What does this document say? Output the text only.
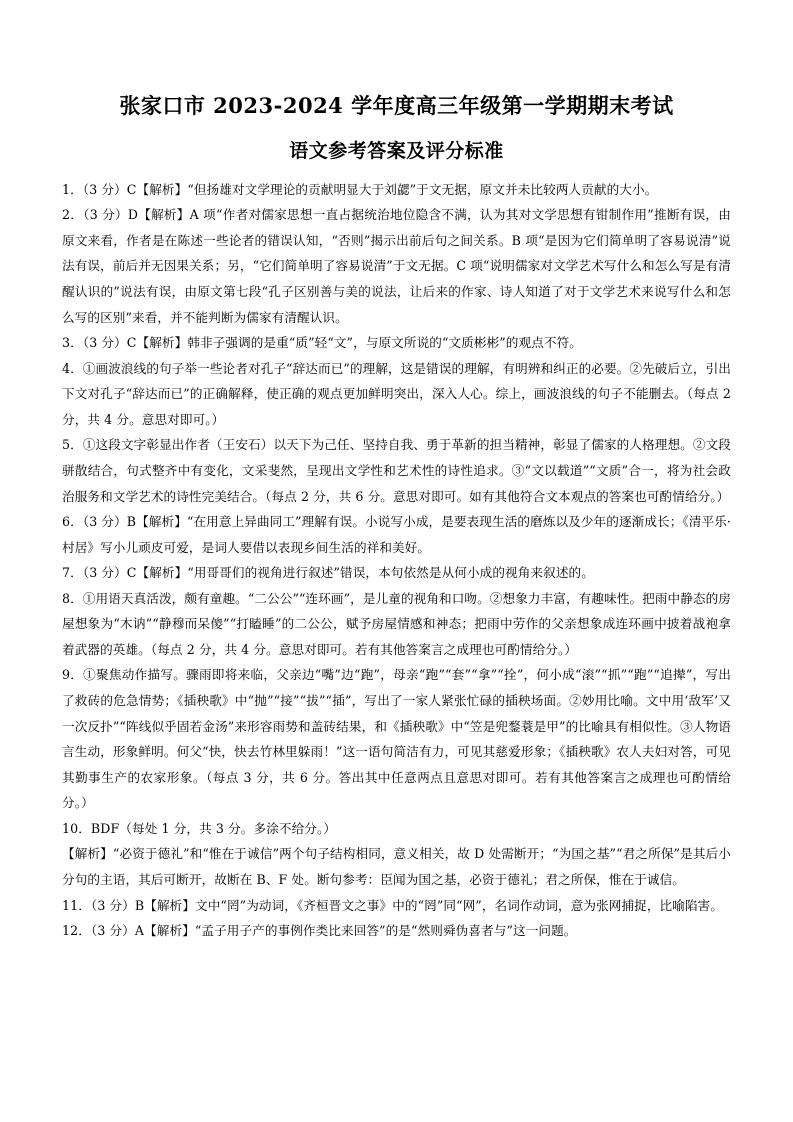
张家口市 2023-2024 学年度高三年级第一学期期末考试
语文参考答案及评分标准

1．（3 分）C【解析】“但扬雄对文学理论的贡献明显大于刘勰”于文无据，原文并未比较两人贡献的大小。

2．（3 分）D【解析】A 项“作者对儒家思想一直占据统治地位隐含不满，认为其对文学思想有钳制作用”推断有误，由原文来看，作者是在陈述一些论者的错误认知，“否则”揭示出前后句之间关系。B 项“是因为它们简单明了容易说清”说法有误，前后并无因果关系；另，“它们简单明了容易说清”于文无据。C 项“说明儒家对文学艺术写什么和怎么写是有清醒认识的”说法有误，由原文第七段“孔子区别善与美的说法，让后来的作家、诗人知道了对于文学艺术来说写什么和怎么写的区别”来看，并不能判断为儒家有清醒认识。

3．（3 分）C【解析】韩非子强调的是重“质”轻“文”，与原文所说的“文质彬彬”的观点不符。

4．①画波浪线的句子举一些论者对孔子“辞达而已”的理解，这是错误的理解，有明辨和纠正的必要。②先破后立，引出下文对孔子“辞达而已”的正确解释，使正确的观点更加鲜明突出，深入人心。综上，画波浪线的句子不能删去。（每点 2 分，共 4 分。意思对即可。）

5．①这段文字彰显出作者（王安石）以天下为己任、坚持自我、勇于革新的担当精神，彰显了儒家的人格理想。②文段骈散结合，句式整齐中有变化，文采斐然，呈现出文学性和艺术性的诗性追求。③“文以载道”“文质”合一，将为社会政治服务和文学艺术的诗性完美结合。（每点 2 分，共 6 分。意思对即可。如有其他符合文本观点的答案也可酌情给分。）

6．（3 分）B【解析】“在用意上异曲同工”理解有误。小说写小成，是要表现生活的磨炼以及少年的逐渐成长；《清平乐·村居》写小儿顽皮可爱，是词人要借以表现乡间生活的祥和美好。

7．（3 分）C【解析】“用哥哥们的视角进行叙述”错误，本句依然是从何小成的视角来叙述的。

8．①用语天真活泼，颇有童趣。“二公公”“连环画”，是儿童的视角和口吻。②想象力丰富，有趣味性。把雨中静态的房屋想象为“木讷”“静穆而呆傻”“打瞌睡”的二公公，赋予房屋情感和神态；把雨中劳作的父亲想象成连环画中披着战袍拿着武器的英雄。（每点 2 分，共 4 分。意思对即可。若有其他答案言之成理也可酌情给分。）

9．①聚焦动作描写。骤雨即将来临，父亲边“嘴”边“跑”，母亲“跑”“套”“拿”“拴”，何小成“滚”“抓”“跑”“追撵”，写出了救砖的危急情势；《插秧歌》中“抛”“接”“拔”“插”，写出了一家人紧张忙碌的插秧场面。②妙用比喻。文中用‘敌军’又一次反扑”“阵线似乎固若金汤”来形容雨势和盖砖结果，和《插秧歌》中“笠是兜鍪蓑是甲”的比喻具有相似性。③人物语言生动，形象鲜明。何父“快，快去竹林里躲雨！”这一语句简洁有力，可见其慈爱形象；《插秧歌》农人夫妇对答，可见其勤事生产的农家形象。（每点 3 分，共 6 分。答出其中任意两点且意思对即可。若有其他答案言之成理也可酌情给分。）

10．BDF（每处 1 分，共 3 分。多涂不给分。）

【解析】“必资于德礼”和“惟在于诚信”两个句子结构相同，意义相关，故 D 处需断开；“为国之基”“君之所保”是其后小分句的主语，其后可断开，故断在 B、F 处。断句参考：臣闻为国之基，必资于德礼；君之所保，惟在于诚信。

11．（3 分）B【解析】文中“罔”为动词，《齐桓晋文之事》中的“罔”同“网”，名词作动词，意为张网捕捉，比喻陷害。

12．（3 分）A【解析】“孟子用子产的事例作类比来回答”的是“然则舜伪喜者与”这一问题。
